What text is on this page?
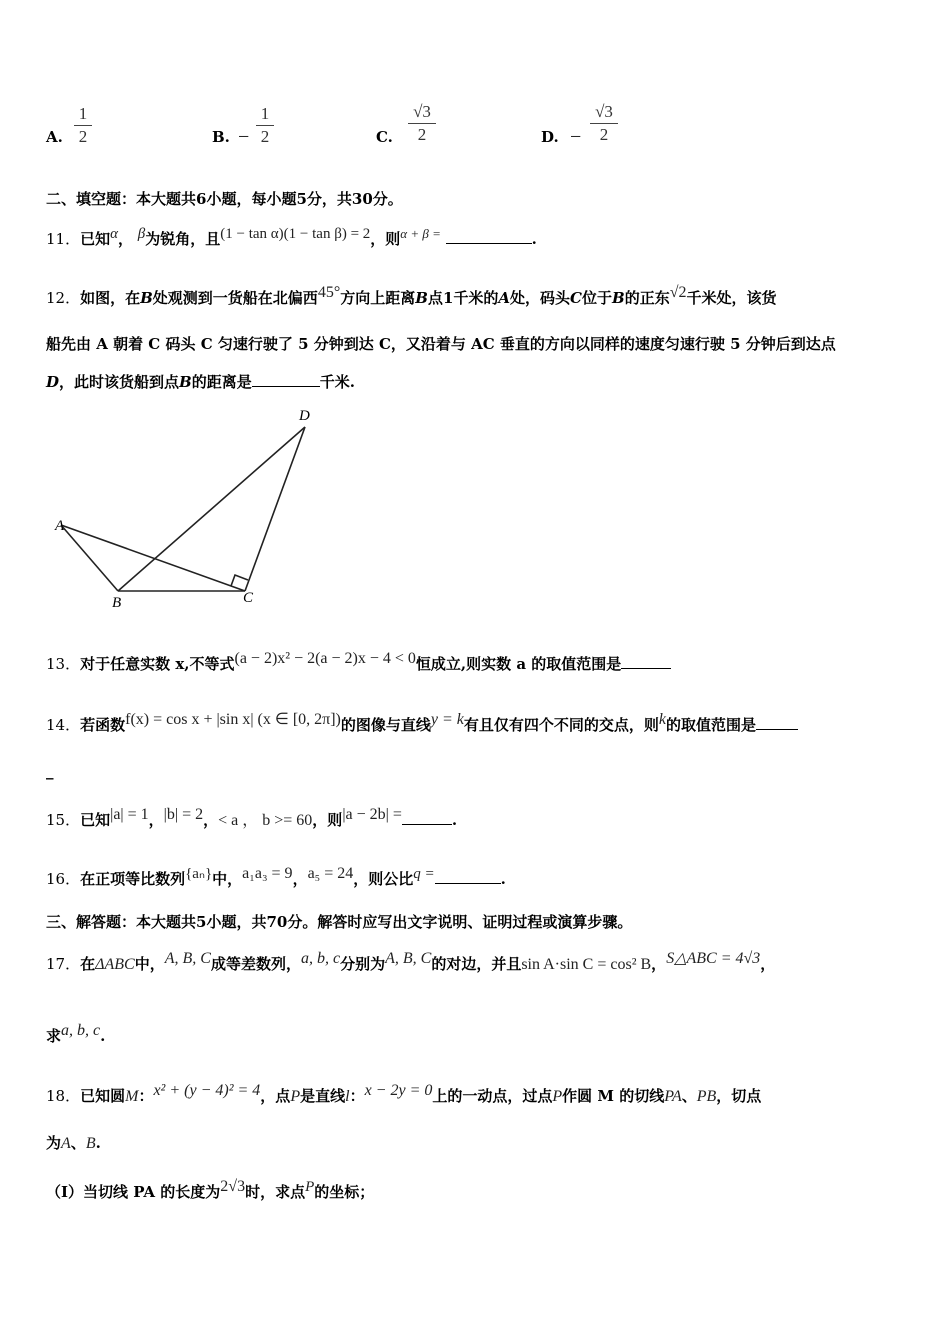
A.
1
2	B. −
1
2	C.
√3
2	D. −
√3
2
二、填空题：本大题共6小题，每小题5分，共30分。
11．已知$^\alpha$， $^\beta$为锐角，且$^{(1 - tan \alpha)(1 - tan \beta) = 2}$，则$^{\alpha + \beta =}$	.
12．如图，在B处观测到一货船在北偏西$^{45^\circ}$方向上距离B点1千米的A处，码头C位于B的正东$^{√2}$千米处，该货
船先由 A 朝着 C 码头 C 匀速行驶了 5 分钟到达 C，又沿着与 AC 垂直的方向以同样的速度匀速行驶 5 分钟后到达点
D，此时该货船到点B的距离是	千米.
A
B	C
D
13．对于任意实数 x,不等式$^{(a - 2)x^2 - 2(a - 2)x - 4 < 0}$恒成立,则实数 a 的取值范围是
14．若函数$^{f(x) = cos x + |sin x| (x \in [0, 2\pi])}$的图像与直线$^{y = k}$有且仅有四个不同的交点，则$^k$的取值范围是
_
15．已知$^{|a| = 1}$，$^{|b| = 2}$，< a ， b >= 60，则$^{|a - 2b| =}$	.
16．在正项等比数列$^{\{a_n\}}$中，$^{a_1a_3 = 9}$，$^{a_5 = 24}$，则公比$^{q =}$	.
三、解答题：本大题共5小题，共70分。解答时应写出文字说明、证明过程或演算步骤。
17．在ΔABC中，$^{A, B, C}$成等差数列，$^{a, b, c}$分别为$^{A, B, C}$的对边，并且sin A·sin C = cos² B，$^{S\triangle ABC = 4√3}$，
求$^{a, b, c}$.
18．已知圆M：$^{x^2 + (y - 4)^2 = 4}$，点P是直线l：$^{x - 2y = 0}$上的一动点，过点P作圆 M 的切线PA、PB，切点
为A、B.
（Ⅰ）当切线 PA 的长度为$^{2√3}$时，求点$^P$的坐标；
